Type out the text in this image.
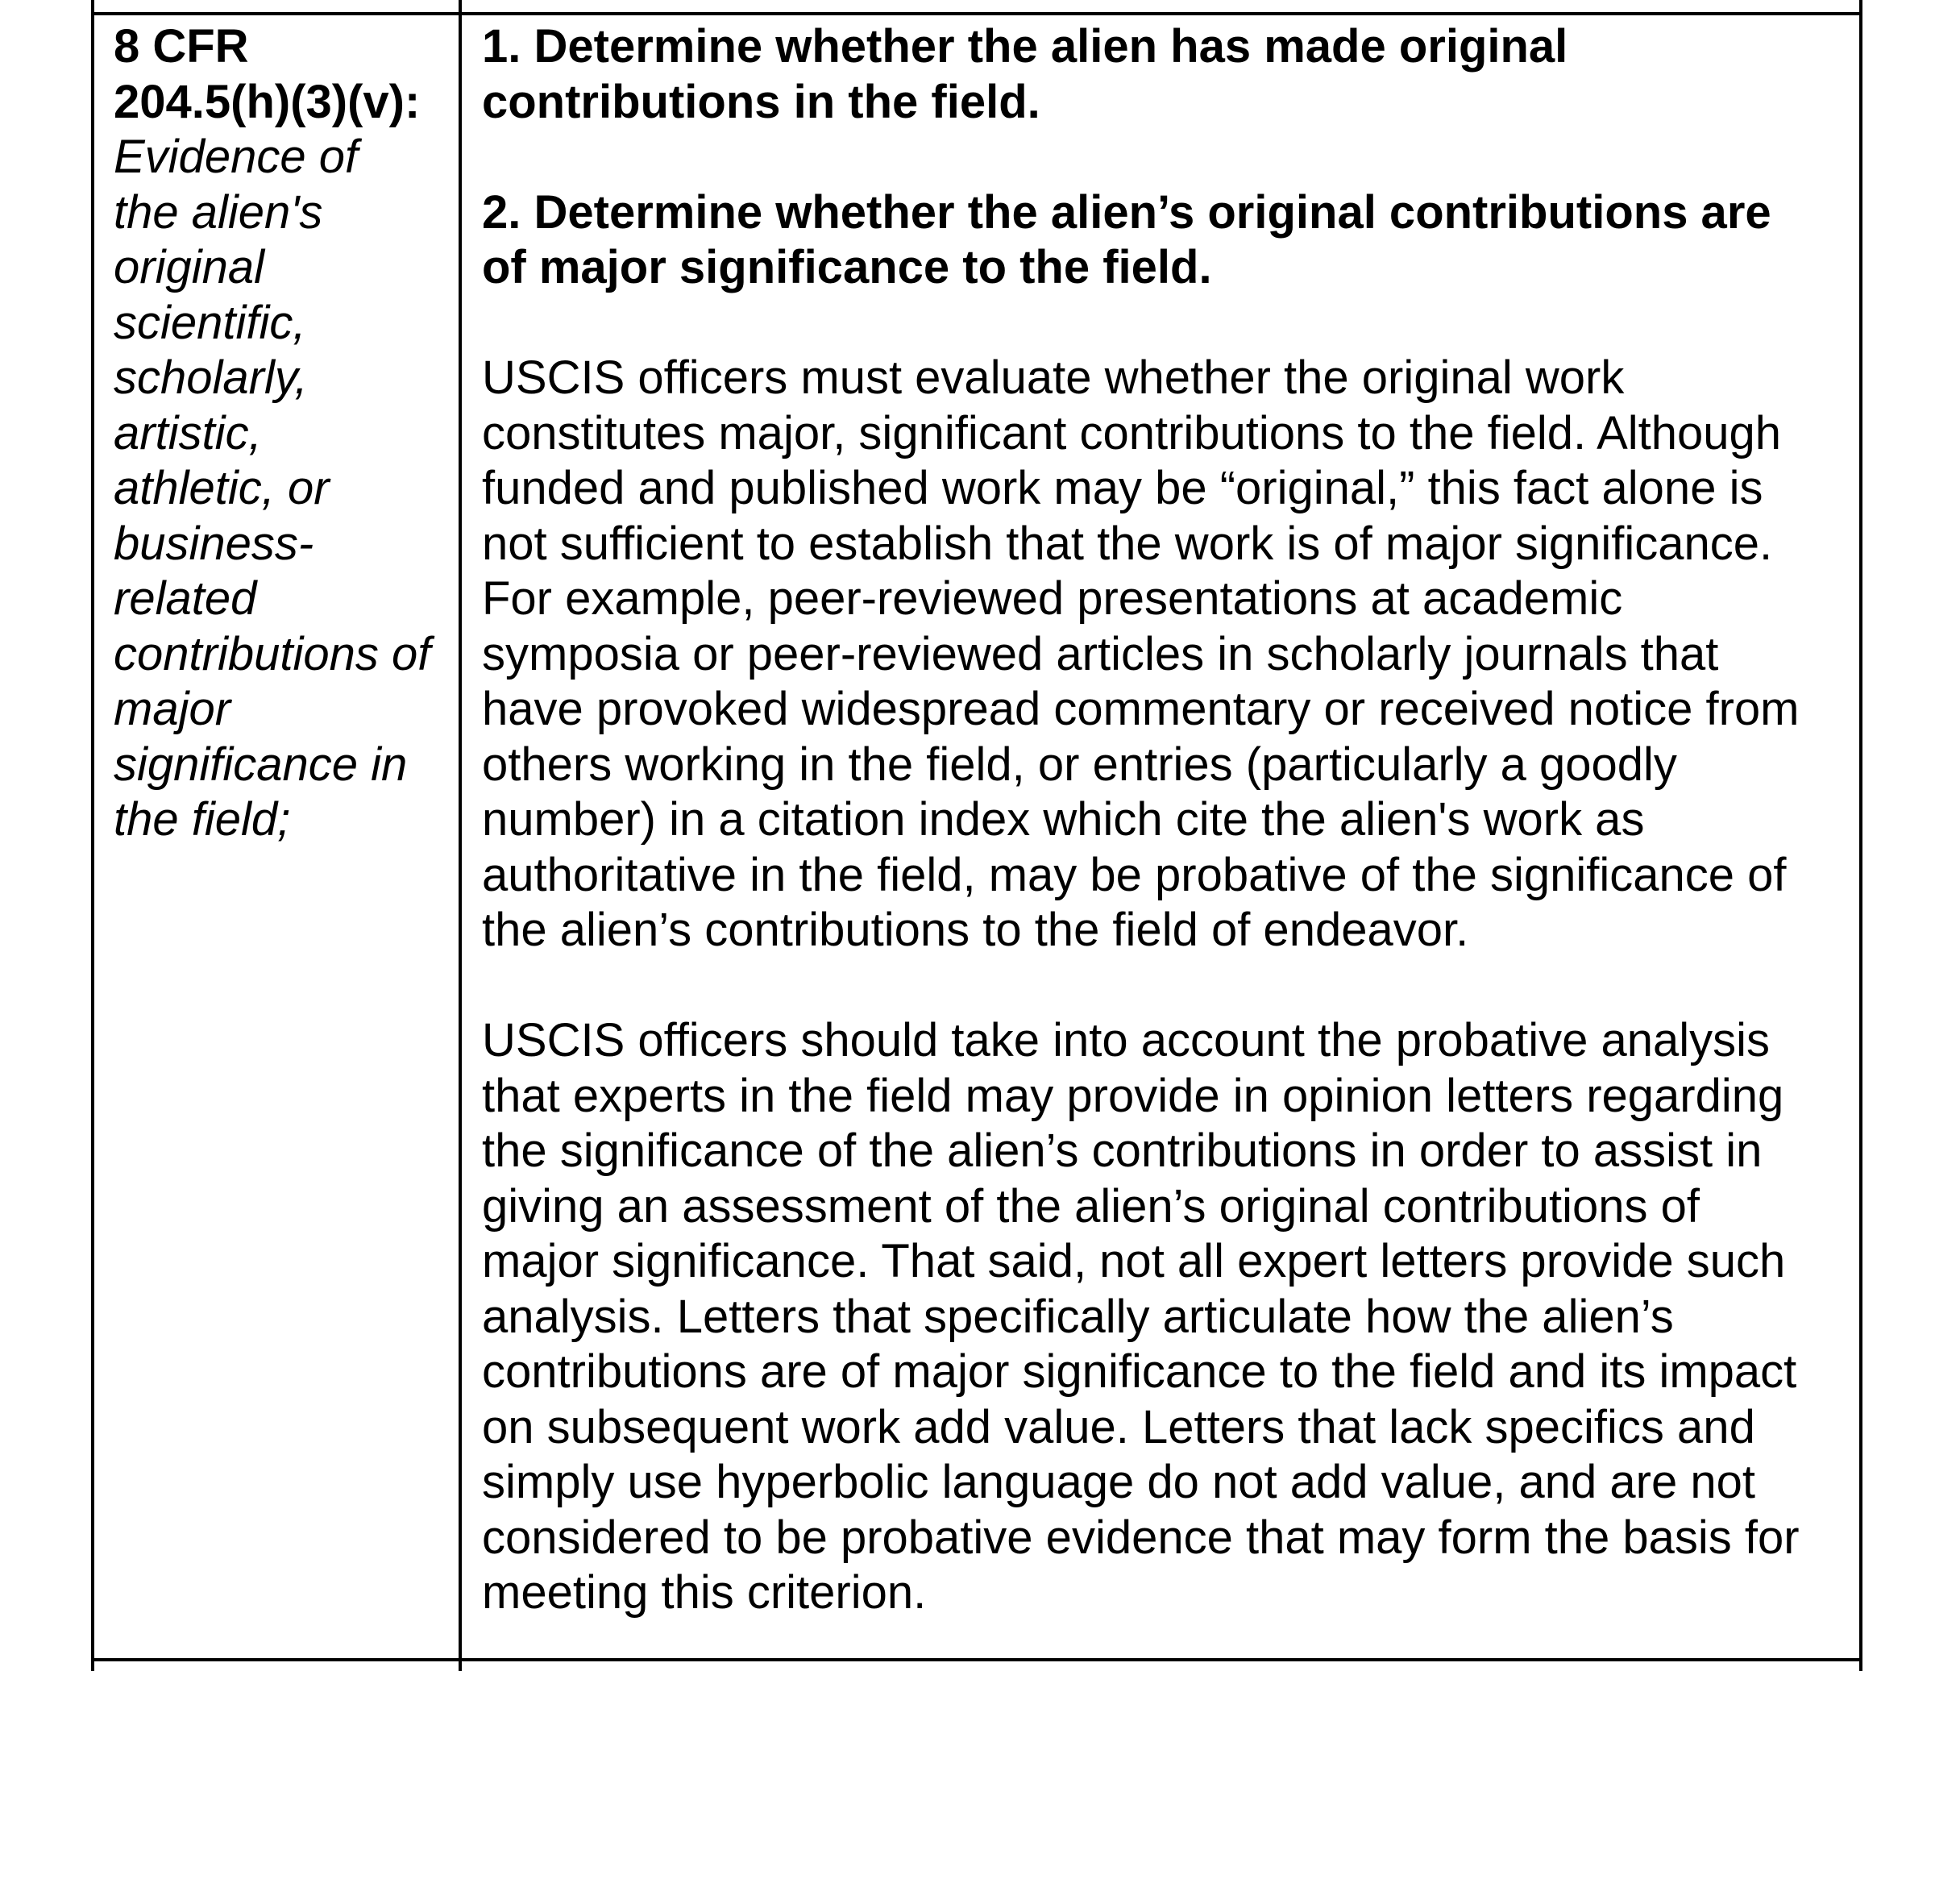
8 CFR
204.5(h)(3)(v):
Evidence of
the alien's
original
scientific,
scholarly,
artistic,
athletic, or
business-
related
contributions of
major
significance in
the field;

1. Determine whether the alien has made original
contributions in the field.

2. Determine whether the alien’s original contributions are
of major significance to the field.

USCIS officers must evaluate whether the original work
constitutes major, significant contributions to the field. Although
funded and published work may be “original,” this fact alone is
not sufficient to establish that the work is of major significance.
For example, peer-reviewed presentations at academic
symposia or peer-reviewed articles in scholarly journals that
have provoked widespread commentary or received notice from
others working in the field, or entries (particularly a goodly
number) in a citation index which cite the alien's work as
authoritative in the field, may be probative of the significance of
the alien’s contributions to the field of endeavor.

USCIS officers should take into account the probative analysis
that experts in the field may provide in opinion letters regarding
the significance of the alien’s contributions in order to assist in
giving an assessment of the alien’s original contributions of
major significance. That said, not all expert letters provide such
analysis. Letters that specifically articulate how the alien’s
contributions are of major significance to the field and its impact
on subsequent work add value. Letters that lack specifics and
simply use hyperbolic language do not add value, and are not
considered to be probative evidence that may form the basis for
meeting this criterion.
